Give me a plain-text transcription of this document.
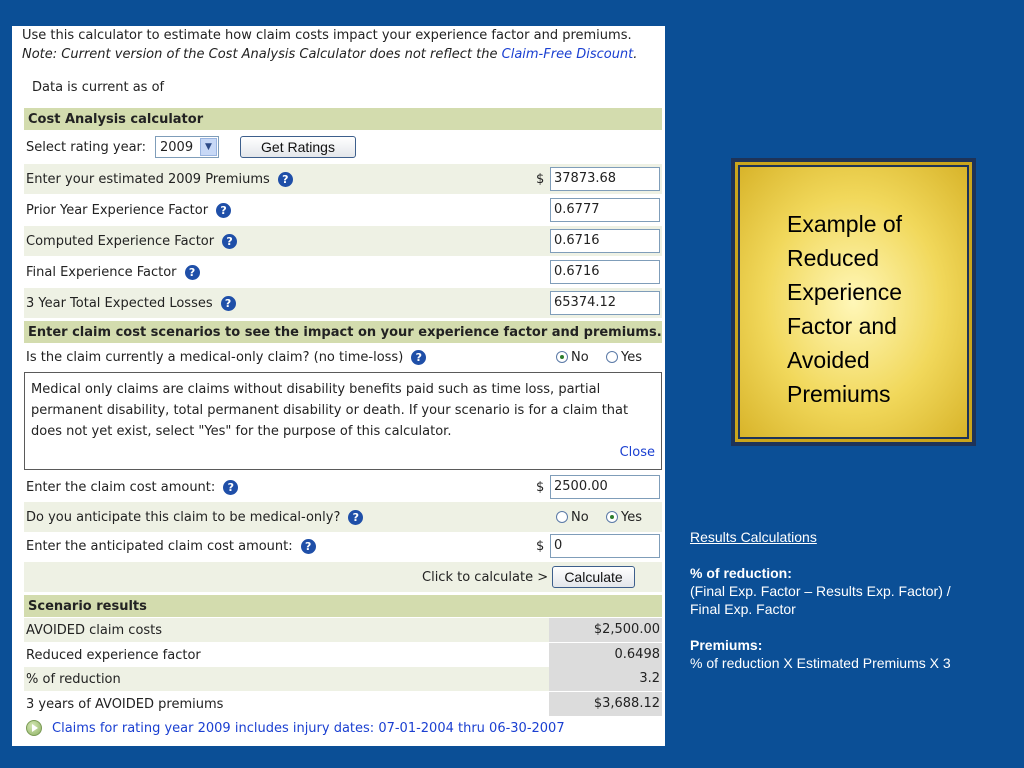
Use this calculator to estimate how claim costs impact your experience factor and premiums.
Note: Current version of the Cost Analysis Calculator does not reflect the Claim-Free Discount.
Data is current as of
Cost Analysis calculator
Select rating year: 2009	▼	Get Ratings
Enter your estimated 2009 Premiums	?	$ 37873.68
Prior Year Experience Factor	?	0.6777
Computed Experience Factor	?	0.6716
Final Experience Factor	?	0.6716
3 Year Total Expected Losses	?	65374.12
Enter claim cost scenarios to see the impact on your experience factor and premiums.
Is the claim currently a medical-only claim? (no time-loss)	?	No Yes
Medical only claims are claims without disability benefits paid such as time loss, partial permanent disability, total permanent disability or death. If your scenario is for a claim that does not yet exist, select "Yes" for the purpose of this calculator.
Close
Enter the claim cost amount:	?	$ 2500.00
Do you anticipate this claim to be medical-only?	?	No Yes
Enter the anticipated claim cost amount:	?	$ 0
Click to calculate >	Calculate
Scenario results
AVOIDED claim costs	$2,500.00
Reduced experience factor	0.6498
% of reduction	3.2
3 years of AVOIDED premiums	$3,688.12
Claims for rating year 2009 includes injury dates: 07-01-2004 thru 06-30-2007
Example of
Reduced
Experience
Factor and
Avoided
Premiums
Results Calculations
% of reduction:
(Final Exp. Factor – Results Exp. Factor) /
Final Exp. Factor
Premiums:
% of reduction X Estimated Premiums X 3
